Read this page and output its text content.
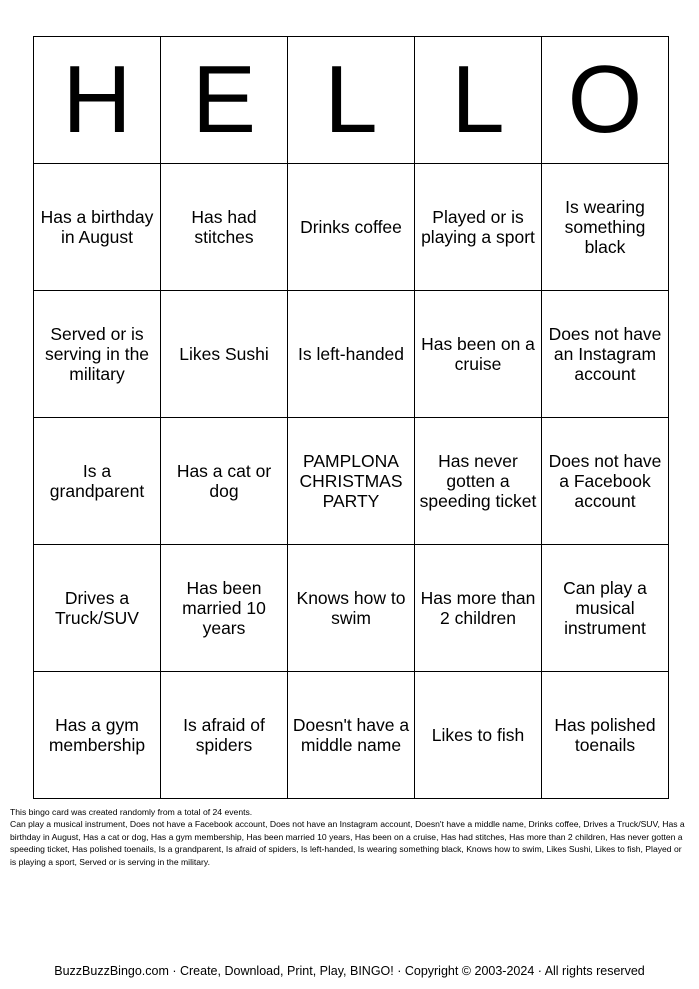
H	E	L	L	O
Has a birthday in August	Has had stitches	Drinks coffee	Played or is playing a sport	Is wearing something black
Served or is serving in the military	Likes Sushi	Is left-handed	Has been on a cruise	Does not have an Instagram account
Is a grandparent	Has a cat or dog	PAMPLONA CHRISTMAS PARTY	Has never gotten a speeding ticket	Does not have a Facebook account
Drives a Truck/SUV	Has been married 10 years	Knows how to swim	Has more than 2 children	Can play a musical instrument
Has a gym membership	Is afraid of spiders	Doesn't have a middle name	Likes to fish	Has polished toenails

This bingo card was created randomly from a total of 24 events.

Can play a musical instrument, Does not have a Facebook account, Does not have an Instagram account, Doesn't have a middle name, Drinks coffee, Drives a Truck/SUV, Has a birthday in August, Has a cat or dog, Has a gym membership, Has been married 10 years, Has been on a cruise, Has had stitches, Has more than 2 children, Has never gotten a speeding ticket, Has polished toenails, Is a grandparent, Is afraid of spiders, Is left-handed, Is wearing something black, Knows how to swim, Likes Sushi, Likes to fish, Played or is playing a sport, Served or is serving in the military.

BuzzBuzzBingo.com · Create, Download, Print, Play, BINGO! · Copyright © 2003-2024 · All rights reserved
